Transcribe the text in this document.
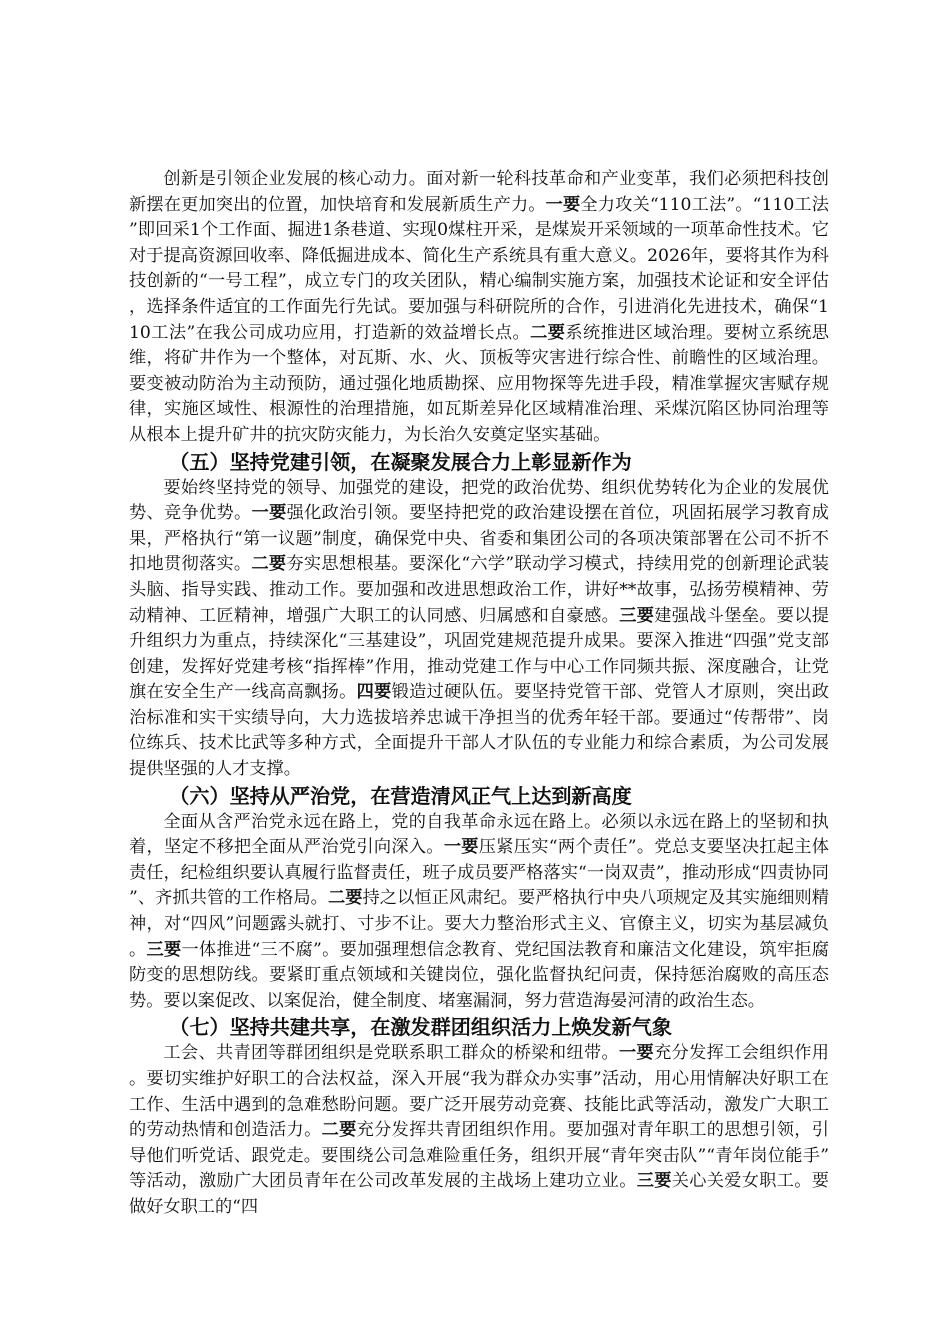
创新是引领企业发展的核心动力。面对新一轮科技革命和产业变革，我们必须把科技创新摆在更加突出的位置，加快培育和发展新质生产力。一要全力攻关“110工法”。“110工法”即回采1个工作面、掘进1条巷道、实现0煤柱开采，是煤炭开采领域的一项革命性技术。它对于提高资源回收率、降低掘进成本、简化生产系统具有重大意义。2026年，要将其作为科技创新的“一号工程”，成立专门的攻关团队，精心编制实施方案，加强技术论证和安全评估，选择条件适宜的工作面先行先试。要加强与科研院所的合作，引进消化先进技术，确保“110工法”在我公司成功应用，打造新的效益增长点。二要系统推进区域治理。要树立系统思维，将矿井作为一个整体，对瓦斯、水、火、顶板等灾害进行综合性、前瞻性的区域治理。要变被动防治为主动预防，通过强化地质勘探、应用物探等先进手段，精准掌握灾害赋存规律，实施区域性、根源性的治理措施，如瓦斯差异化区域精准治理、采煤沉陷区协同治理等从根本上提升矿井的抗灾防灾能力，为长治久安奠定坚实基础。

（五）坚持党建引领，在凝聚发展合力上彰显新作为

要始终坚持党的领导、加强党的建设，把党的政治优势、组织优势转化为企业的发展优势、竞争优势。一要强化政治引领。要坚持把党的政治建设摆在首位，巩固拓展学习教育成果，严格执行“第一议题”制度，确保党中央、省委和集团公司的各项决策部署在公司不折不扣地贯彻落实。二要夯实思想根基。要深化“六学”联动学习模式，持续用党的创新理论武装头脑、指导实践、推动工作。要加强和改进思想政治工作，讲好**故事，弘扬劳模精神、劳动精神、工匠精神，增强广大职工的认同感、归属感和自豪感。三要建强战斗堡垒。要以提升组织力为重点，持续深化“三基建设”，巩固党建规范提升成果。要深入推进“四强”党支部创建，发挥好党建考核“指挥棒”作用，推动党建工作与中心工作同频共振、深度融合，让党旗在安全生产一线高高飘扬。四要锻造过硬队伍。要坚持党管干部、党管人才原则，突出政治标准和实干实绩导向，大力选拔培养忠诚干净担当的优秀年轻干部。要通过“传帮带”、岗位练兵、技术比武等多种方式，全面提升干部人才队伍的专业能力和综合素质，为公司发展提供坚强的人才支撑。

（六）坚持从严治党，在营造清风正气上达到新高度

全面从含严治党永远在路上，党的自我革命永远在路上。必须以永远在路上的坚韧和执着，坚定不移把全面从严治党引向深入。一要压紧压实“两个责任”。党总支要坚决扛起主体责任，纪检组织要认真履行监督责任，班子成员要严格落实“一岗双责”，推动形成“四责协同”、齐抓共管的工作格局。二要持之以恒正风肃纪。要严格执行中央八项规定及其实施细则精神，对“四风”问题露头就打、寸步不让。要大力整治形式主义、官僚主义，切实为基层减负。三要一体推进“三不腐”。要加强理想信念教育、党纪国法教育和廉洁文化建设，筑牢拒腐防变的思想防线。要紧盯重点领域和关键岗位，强化监督执纪问责，保持惩治腐败的高压态势。要以案促改、以案促治，健全制度、堵塞漏洞，努力营造海晏河清的政治生态。

（七）坚持共建共享，在激发群团组织活力上焕发新气象

工会、共青团等群团组织是党联系职工群众的桥梁和纽带。一要充分发挥工会组织作用。要切实维护好职工的合法权益，深入开展“我为群众办实事”活动，用心用情解决好职工在工作、生活中遇到的急难愁盼问题。要广泛开展劳动竞赛、技能比武等活动，激发广大职工的劳动热情和创造活力。二要充分发挥共青团组织作用。要加强对青年职工的思想引领，引导他们听党话、跟党走。要围绕公司急难险重任务，组织开展“青年突击队”“青年岗位能手”等活动，激励广大团员青年在公司改革发展的主战场上建功立业。三要关心关爱女职工。要做好女职工的“四
